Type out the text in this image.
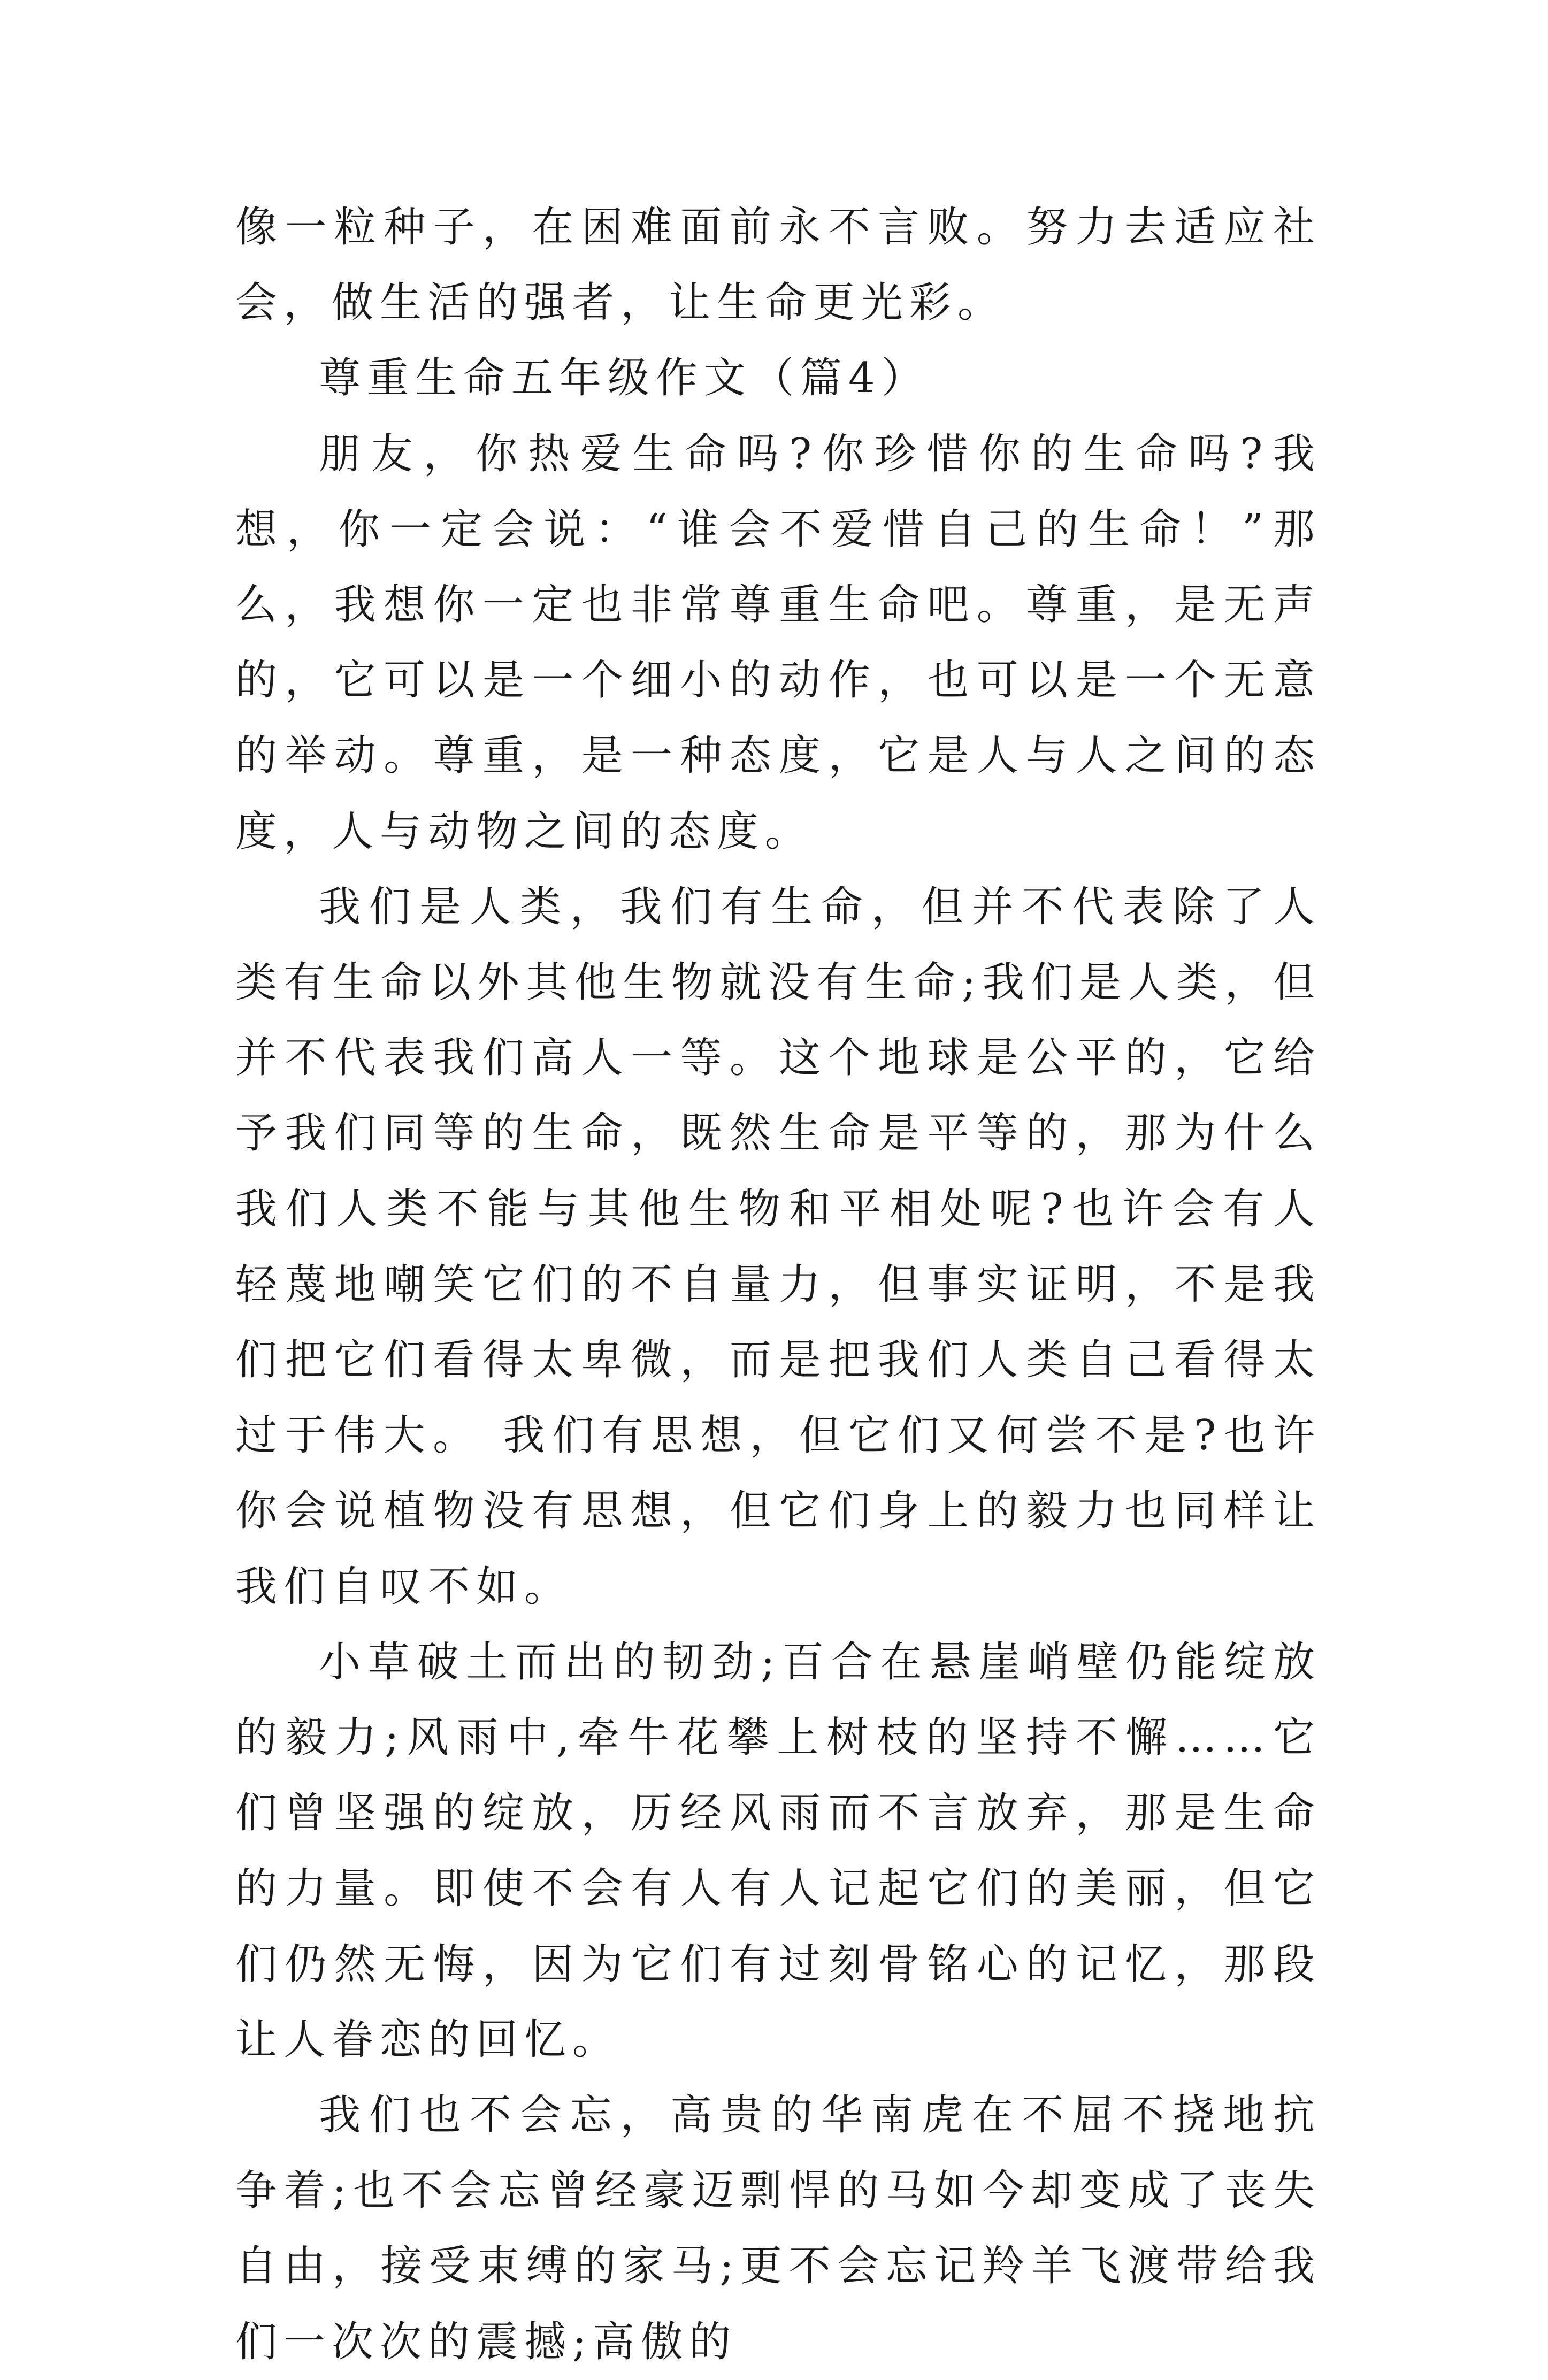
像一粒种子，在困难面前永不言败。努力去适应社会，做生活的强者，让生命更光彩。

尊重生命五年级作文（篇4）

朋友，你热爱生命吗?你珍惜你的生命吗?我想，你一定会说：“谁会不爱惜自己的生命！”那么，我想你一定也非常尊重生命吧。尊重，是无声的，它可以是一个细小的动作，也可以是一个无意的举动。尊重，是一种态度，它是人与人之间的态度，人与动物之间的态度。

我们是人类，我们有生命，但并不代表除了人类有生命以外其他生物就没有生命;我们是人类，但并不代表我们高人一等。这个地球是公平的，它给予我们同等的生命，既然生命是平等的，那为什么我们人类不能与其他生物和平相处呢?也许会有人轻蔑地嘲笑它们的不自量力，但事实证明，不是我们把它们看得太卑微，而是把我们人类自己看得太过于伟大。 我们有思想，但它们又何尝不是?也许你会说植物没有思想，但它们身上的毅力也同样让我们自叹不如。

小草破土而出的韧劲;百合在悬崖峭壁仍能绽放的毅力;风雨中,牵牛花攀上树枝的坚持不懈……它们曾坚强的绽放，历经风雨而不言放弃，那是生命的力量。即使不会有人有人记起它们的美丽，但它们仍然无悔，因为它们有过刻骨铭心的记忆，那段让人眷恋的回忆。

我们也不会忘，高贵的华南虎在不屈不挠地抗争着;也不会忘曾经豪迈剽悍的马如今却变成了丧失自由，接受束缚的家马;更不会忘记羚羊飞渡带给我们一次次的震撼;高傲的
